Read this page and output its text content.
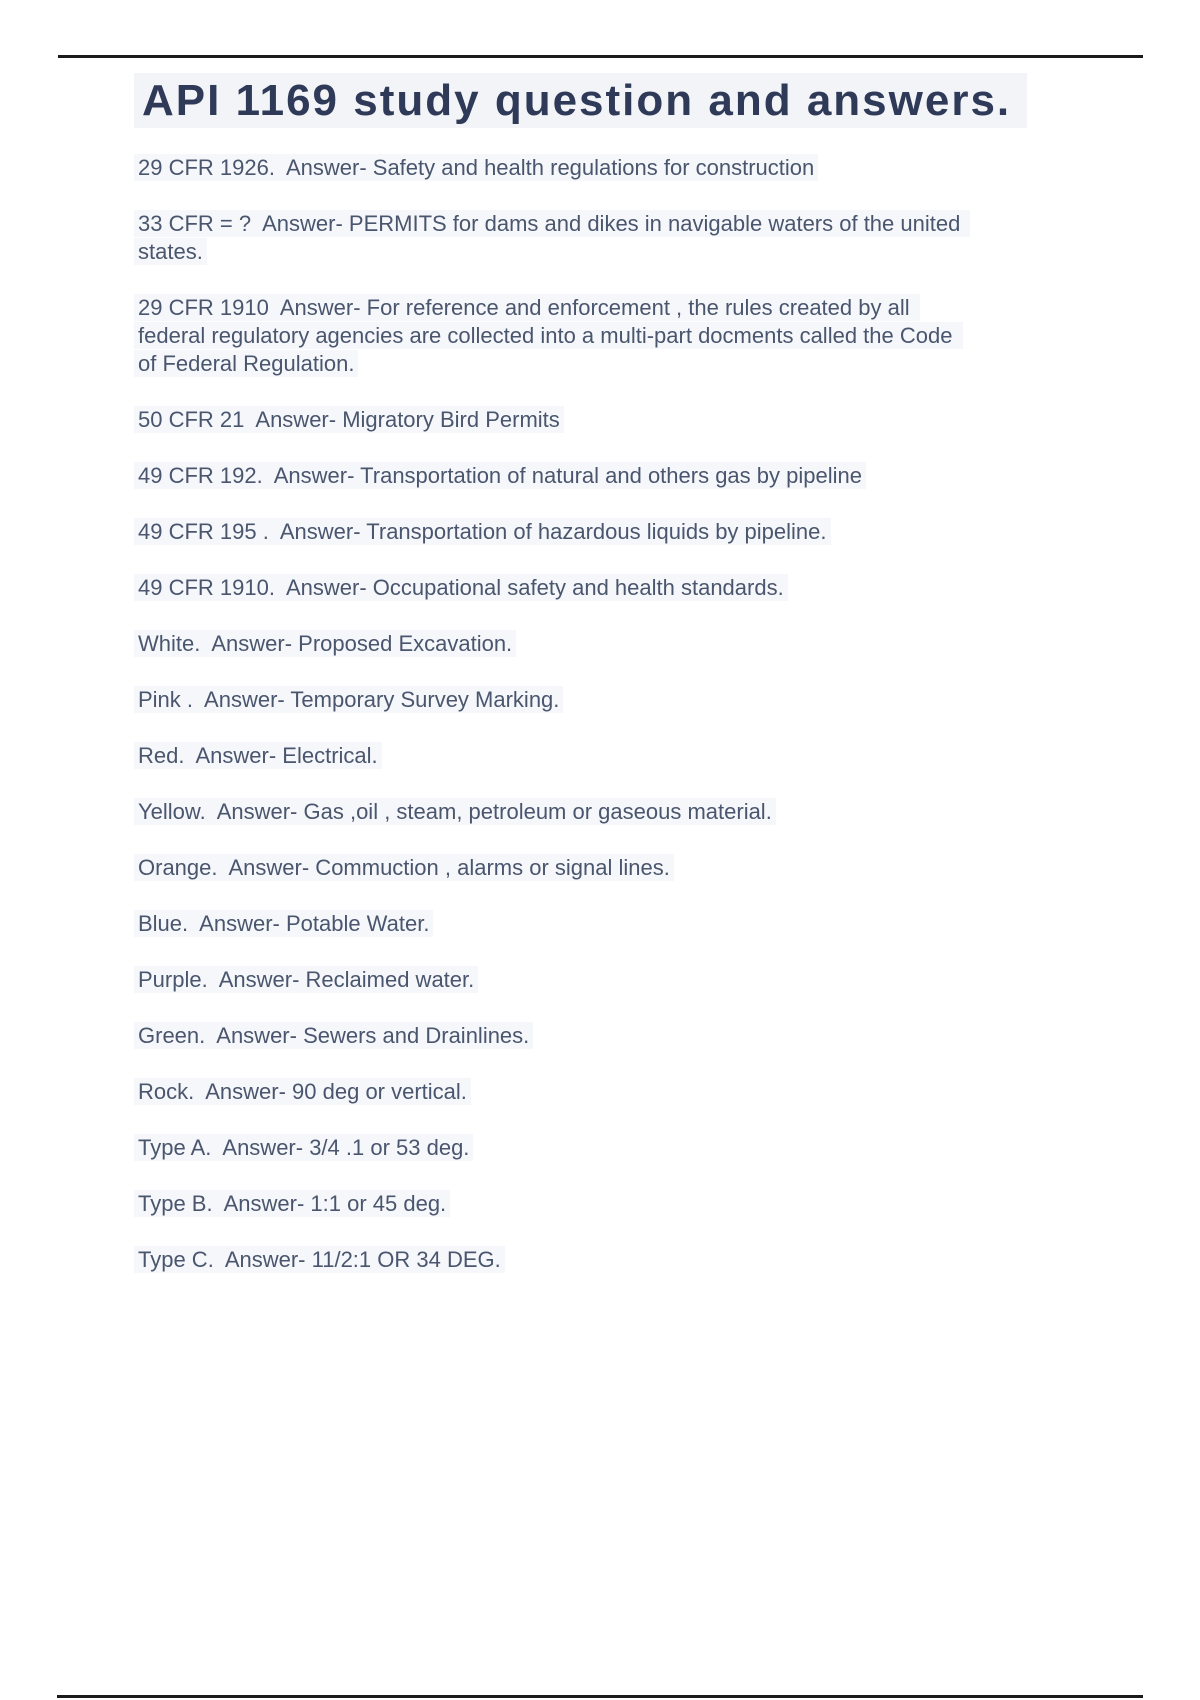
API 1169 study question and answers.

29 CFR 1926.  Answer- Safety and health regulations for construction

33 CFR = ?  Answer- PERMITS for dams and dikes in navigable waters of the united states.

29 CFR 1910  Answer- For reference and enforcement , the rules created by all federal regulatory agencies are collected into a multi-part docments called the Code of Federal Regulation.

50 CFR 21  Answer- Migratory Bird Permits

49 CFR 192.  Answer- Transportation of natural and others gas by pipeline

49 CFR 195 .  Answer- Transportation of hazardous liquids by pipeline.

49 CFR 1910.  Answer- Occupational safety and health standards.

White.  Answer- Proposed Excavation.

Pink .  Answer- Temporary Survey Marking.

Red.  Answer- Electrical.

Yellow.  Answer- Gas ,oil , steam, petroleum or gaseous material.

Orange.  Answer- Commuction , alarms or signal lines.

Blue.  Answer- Potable Water.

Purple.  Answer- Reclaimed water.

Green.  Answer- Sewers and Drainlines.

Rock.  Answer- 90 deg or vertical.

Type A.  Answer- 3/4 .1 or 53 deg.

Type B.  Answer- 1:1 or 45 deg.

Type C.  Answer- 11/2:1 OR 34 DEG.
